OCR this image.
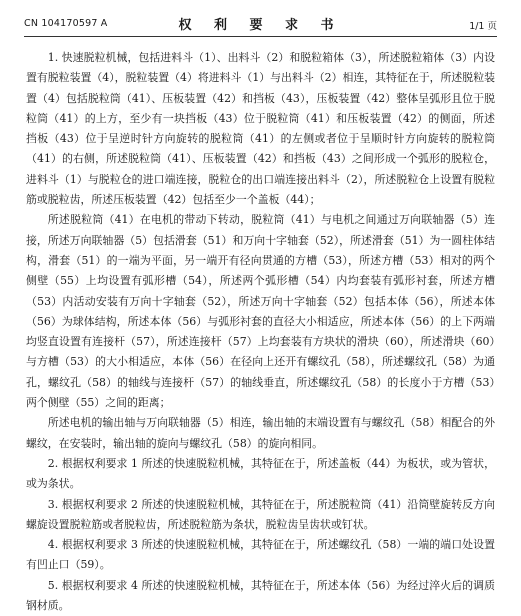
CN 104170597 A	权 利 要 求 书	1/1 页

1. 快速脱粒机械，包括进料斗（1）、出料斗（2）和脱粒箱体（3），所述脱粒箱体（3）内设置有脱粒装置（4），脱粒装置（4）将进料斗（1）与出料斗（2）相连，其特征在于，所述脱粒装置（4）包括脱粒筒（41）、压板装置（42）和挡板（43），压板装置（42）整体呈弧形且位于脱粒筒（41）的上方，至少有一块挡板（43）位于脱粒筒（41）和压板装置（42）的侧面，所述挡板（43）位于呈逆时针方向旋转的脱粒筒（41）的左侧或者位于呈顺时针方向旋转的脱粒筒（41）的右侧，所述脱粒筒（41）、压板装置（42）和挡板（43）之间形成一个弧形的脱粒仓，进料斗（1）与脱粒仓的进口端连接，脱粒仓的出口端连接出料斗（2），所述脱粒仓上设置有脱粒筋或脱粒齿，所述压板装置（42）包括至少一个盖板（44）；

所述脱粒筒（41）在电机的带动下转动，脱粒筒（41）与电机之间通过万向联轴器（5）连接，所述万向联轴器（5）包括滑套（51）和万向十字轴套（52），所述滑套（51）为一圆柱体结构，滑套（51）的一端为平面，另一端开有径向贯通的方槽（53），所述方槽（53）相对的两个侧壁（55）上均设置有弧形槽（54），所述两个弧形槽（54）内均套装有弧形衬套，所述方槽（53）内活动安装有万向十字轴套（52），所述万向十字轴套（52）包括本体（56），所述本体（56）为球体结构，所述本体（56）与弧形衬套的直径大小相适应，所述本体（56）的上下两端均竖直设置有连接杆（57），所述连接杆（57）上均套装有方块状的滑块（60），所述滑块（60）与方槽（53）的大小相适应，本体（56）在径向上还开有螺纹孔（58），所述螺纹孔（58）为通孔，螺纹孔（58）的轴线与连接杆（57）的轴线垂直，所述螺纹孔（58）的长度小于方槽（53）两个侧壁（55）之间的距离；

所述电机的输出轴与万向联轴器（5）相连，输出轴的末端设置有与螺纹孔（58）相配合的外螺纹，在安装时，输出轴的旋向与螺纹孔（58）的旋向相同。

2. 根据权利要求 1 所述的快速脱粒机械，其特征在于，所述盖板（44）为板状，或为管状，或为条状。

3. 根据权利要求 2 所述的快速脱粒机械，其特征在于，所述脱粒筒（41）沿筒壁旋转反方向螺旋设置脱粒筋或者脱粒齿，所述脱粒筋为条状，脱粒齿呈齿状或钉状。

4. 根据权利要求 3 所述的快速脱粒机械，其特征在于，所述螺纹孔（58）一端的端口处设置有凹止口（59）。

5. 根据权利要求 4 所述的快速脱粒机械，其特征在于，所述本体（56）为经过淬火后的调质钢材质。
